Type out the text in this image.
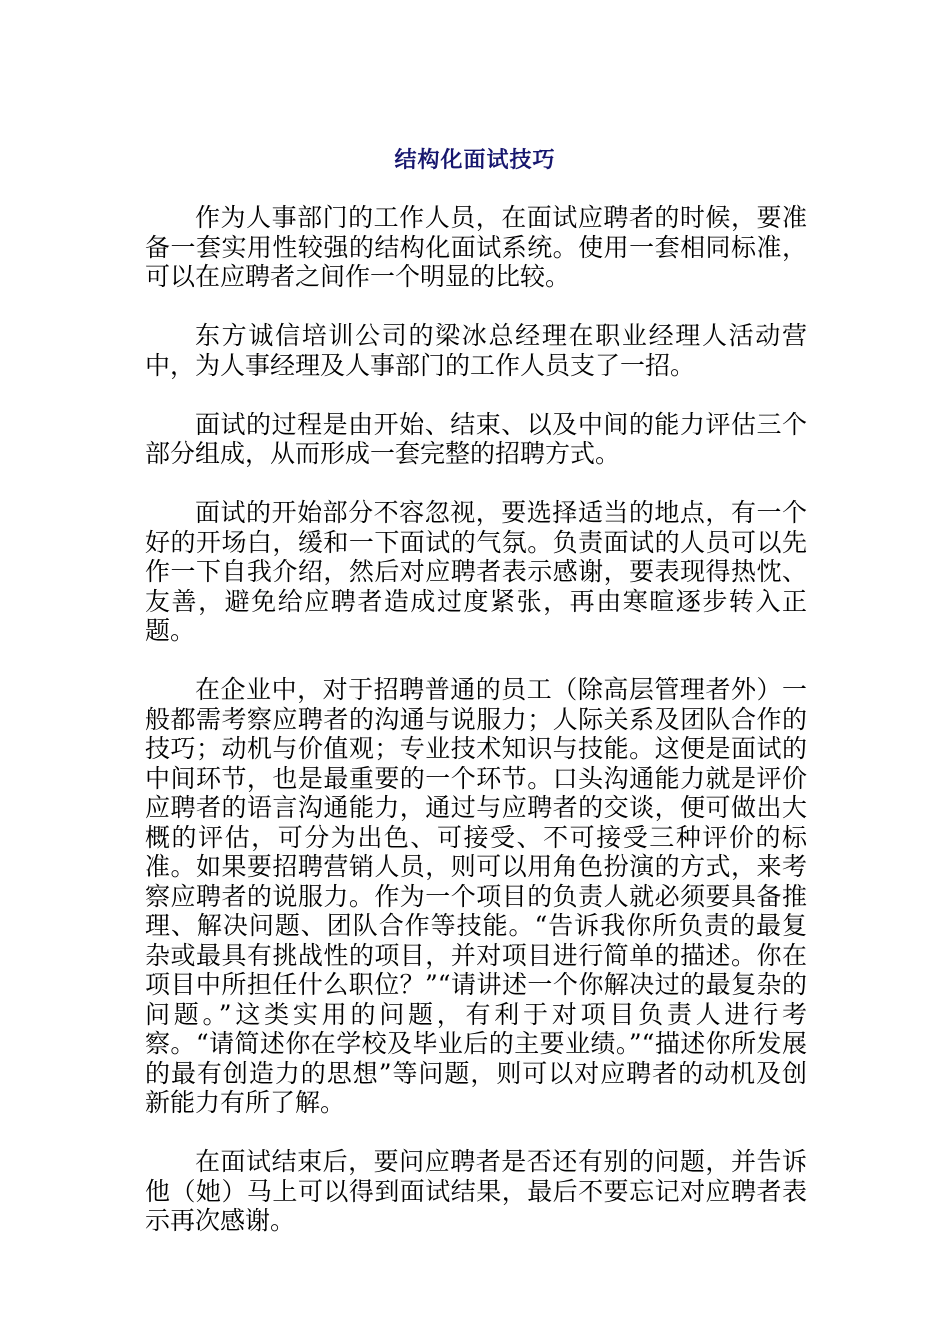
结构化面试技巧

作为人事部门的工作人员，在面试应聘者的时候，要准备一套实用性较强的结构化面试系统。使用一套相同标准，可以在应聘者之间作一个明显的比较。

东方诚信培训公司的梁冰总经理在职业经理人活动营中，为人事经理及人事部门的工作人员支了一招。

面试的过程是由开始、结束、以及中间的能力评估三个部分组成，从而形成一套完整的招聘方式。

面试的开始部分不容忽视，要选择适当的地点，有一个好的开场白，缓和一下面试的气氛。负责面试的人员可以先作一下自我介绍，然后对应聘者表示感谢，要表现得热忱、友善，避免给应聘者造成过度紧张，再由寒暄逐步转入正题。

在企业中，对于招聘普通的员工（除高层管理者外）一般都需考察应聘者的沟通与说服力；人际关系及团队合作的技巧；动机与价值观；专业技术知识与技能。这便是面试的中间环节，也是最重要的一个环节。口头沟通能力就是评价应聘者的语言沟通能力，通过与应聘者的交谈，便可做出大概的评估，可分为出色、可接受、不可接受三种评价的标准。如果要招聘营销人员，则可以用角色扮演的方式，来考察应聘者的说服力。作为一个项目的负责人就必须要具备推理、解决问题、团队合作等技能。“告诉我你所负责的最复杂或最具有挑战性的项目，并对项目进行简单的描述。你在项目中所担任什么职位？”“请讲述一个你解决过的最复杂的问题。”这类实用的问题，有利于对项目负责人进行考察。“请简述你在学校及毕业后的主要业绩。”“描述你所发展的最有创造力的思想”等问题，则可以对应聘者的动机及创新能力有所了解。

在面试结束后，要问应聘者是否还有别的问题，并告诉他（她）马上可以得到面试结果，最后不要忘记对应聘者表示再次感谢。
